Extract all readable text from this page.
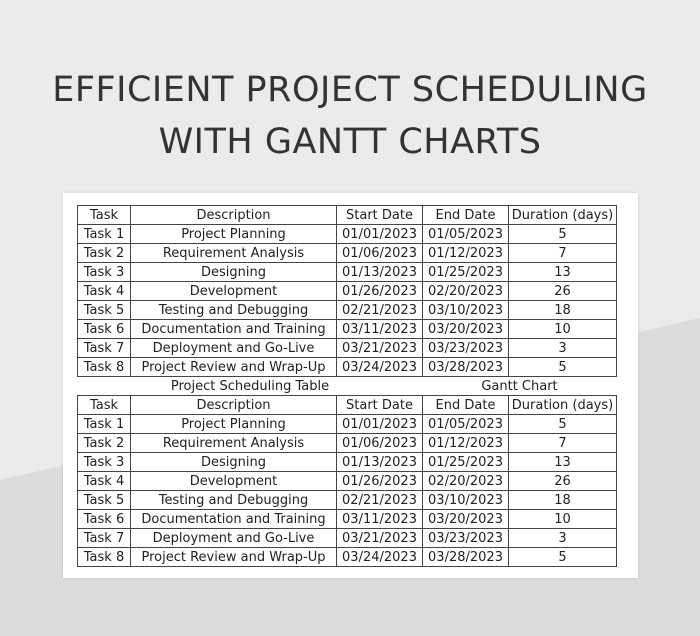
EFFICIENT PROJECT SCHEDULING
WITH GANTT CHARTS
Task	Description	Start Date	End Date	Duration (days)
Task 1	Project Planning	01/01/2023	01/05/2023	5
Task 2	Requirement Analysis	01/06/2023	01/12/2023	7
Task 3	Designing	01/13/2023	01/25/2023	13
Task 4	Development	01/26/2023	02/20/2023	26
Task 5	Testing and Debugging	02/21/2023	03/10/2023	18
Task 6	Documentation and Training	03/11/2023	03/20/2023	10
Task 7	Deployment and Go-Live	03/21/2023	03/23/2023	3
Task 8	Project Review and Wrap-Up	03/24/2023	03/28/2023	5
Project Scheduling Table			Gantt Chart	
Task	Description	Start Date	End Date	Duration (days)
Task 1	Project Planning	01/01/2023	01/05/2023	5
Task 2	Requirement Analysis	01/06/2023	01/12/2023	7
Task 3	Designing	01/13/2023	01/25/2023	13
Task 4	Development	01/26/2023	02/20/2023	26
Task 5	Testing and Debugging	02/21/2023	03/10/2023	18
Task 6	Documentation and Training	03/11/2023	03/20/2023	10
Task 7	Deployment and Go-Live	03/21/2023	03/23/2023	3
Task 8	Project Review and Wrap-Up	03/24/2023	03/28/2023	5
